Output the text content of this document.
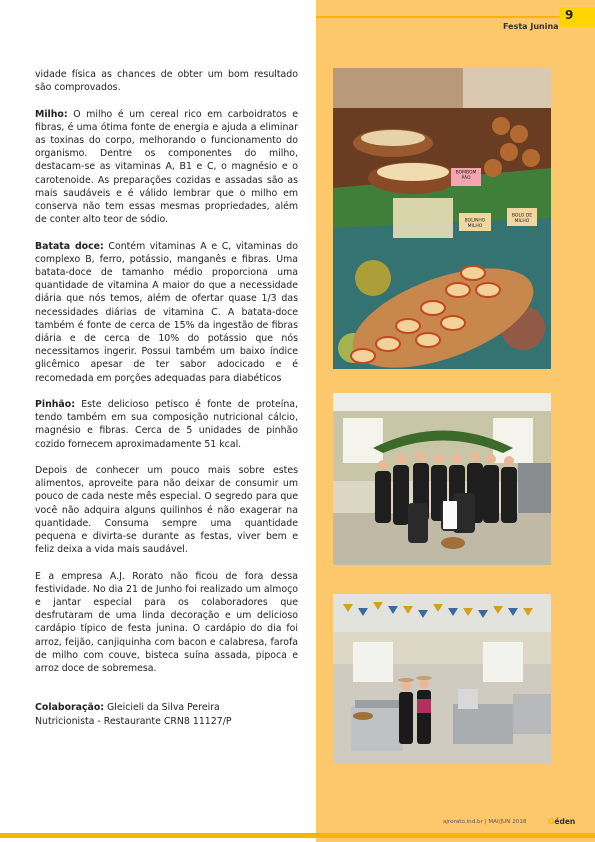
Festa Junina
9

vidade física as chances de obter um bom resultado são comprovados.

Milho: O milho é um cereal rico em carboidratos e fibras, é uma ótima fonte de energia e ajuda a eliminar as toxinas do corpo, melhorando o funcionamento do organismo. Dentre os componentes do milho, destacam-se as vitaminas A, B1 e C, o magnésio e o carotenoide. As preparações cozidas e assadas são as mais saudáveis e é válido lembrar que o milho em conserva não tem essas mesmas propriedades, além de conter alto teor de sódio.

Batata doce: Contém vitaminas A e C, vitaminas do complexo B, ferro, potássio, manganês e fibras. Uma batata-doce de tamanho médio proporciona uma quantidade de vitamina A maior do que a necessidade diária que nós temos, além de ofertar quase 1/3 das necessidades diárias de vitamina C. A batata-doce também é fonte de cerca de 15% da ingestão de fibras diária e de cerca de 10% do potássio que nós necessitamos ingerir. Possui também um baixo índice glicêmico apesar de ter sabor adocicado e é recomedada em porções adequadas para diabéticos

Pinhão: Este delicioso petisco é fonte de proteína, tendo também em sua composição nutricional cálcio, magnésio e fibras. Cerca de 5 unidades de pinhão cozido fornecem aproximadamente 51 kcal.

Depois de conhecer um pouco mais sobre estes alimentos, aproveite para não deixar de consumir um pouco de cada neste mês especial. O segredo para que você não adquira alguns quilinhos é não exagerar na quantidade. Consuma sempre uma quantidade pequena e divirta-se durante as festas, viver bem e feliz deixa a vida mais saudável.

E a empresa A.J. Rorato não ficou de fora dessa festividade. No dia 21 de Junho foi realizado um almoço e jantar especial para os colaboradores que desfrutaram de uma linda decoração e um delicioso cardápio típico de festa junina. O cardápio do dia foi arroz, feijão, canjiquinha com bacon e calabresa, farofa de milho com couve, bisteca suína assada, pipoca e arroz doce de sobremesa.

Colaboração: Gleicieli da Silva Pereira
Nutricionista - Restaurante CRN8 11127/P
BOMBOM PÃO
BOLINHO MILHO
BOLO DE MILHO
ajrorato.ind.br | MAI/JUN 2018	Oéden
